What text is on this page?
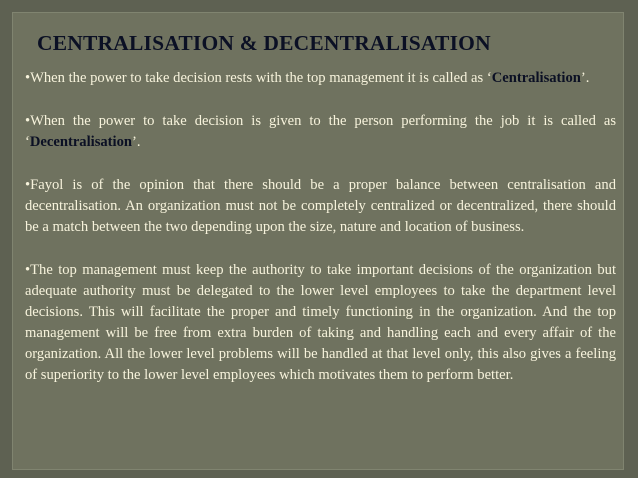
CENTRALISATION & DECENTRALISATION

•When the power to take decision rests with the top management it is called as ‘Centralisation’.

•When the power to take decision is given to the person performing the job it is called as ‘Decentralisation’.

•Fayol is of the opinion that there should be a proper balance between centralisation and decentralisation. An organization must not be completely centralized or decentralized, there should be a match between the two depending upon the size, nature and location of business.

•The top management must keep the authority to take important decisions of the organization but adequate authority must be delegated to the lower level employees to take the department level decisions. This will facilitate the proper and timely functioning in the organization. And the top management will be free from extra burden of taking and handling each and every affair of the organization. All the lower level problems will be handled at that level only, this also gives a feeling of superiority to the lower level employees which motivates them to perform better.
